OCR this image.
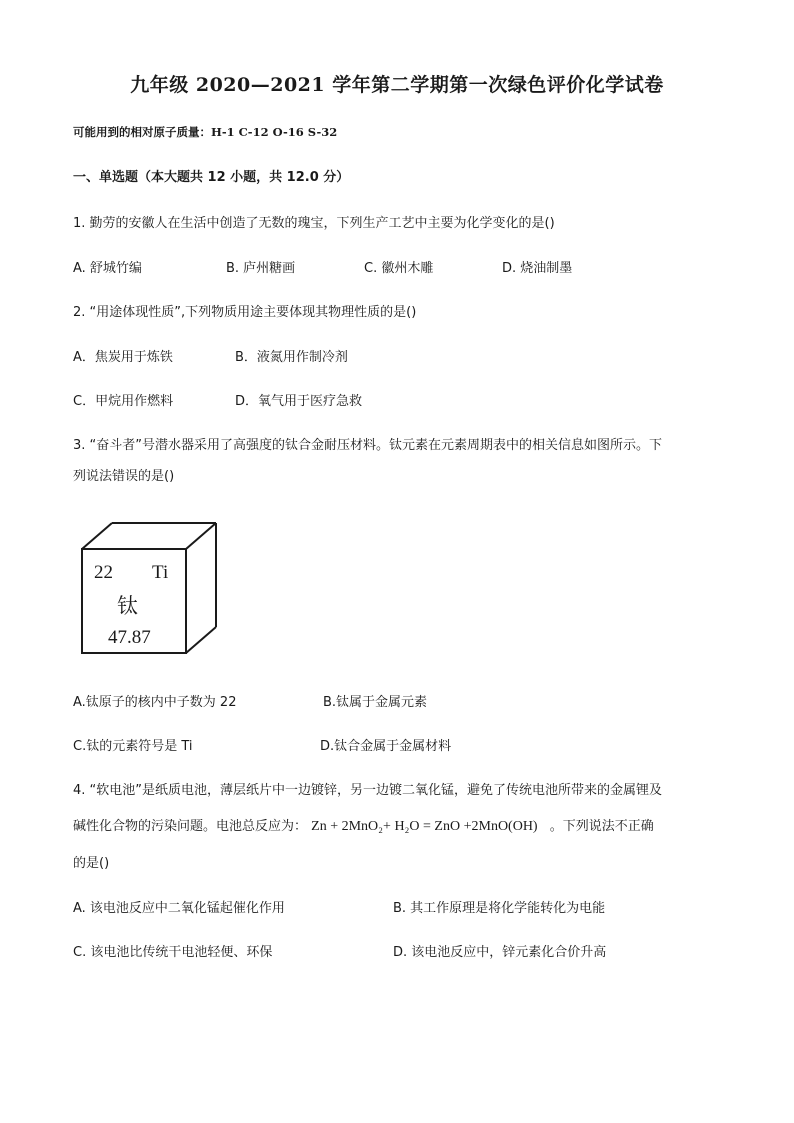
九年级 2020—2021 学年第二学期第一次绿色评价化学试卷
可能用到的相对原子质量：H-1 C-12 O-16 S-32
一、单选题（本大题共 12 小题，共 12.0 分）
1. 勤劳的安徽人在生活中创造了无数的瑰宝，下列生产工艺中主要为化学变化的是()
A. 舒城竹编	B. 庐州糖画	C. 徽州木雕	D. 烧油制墨
2. “用途体现性质”,下列物质用途主要体现其物理性质的是()
A．焦炭用于炼铁	B．液氮用作制冷剂
C．甲烷用作燃料	D．氧气用于医疗急救
3. “奋斗者”号潜水器采用了高强度的钛合金耐压材料。钛元素在元素周期表中的相关信息如图所示。下
列说法错误的是()
22 Ti
钛
47.87
A.钛原子的核内中子数为 22	B.钛属于金属元素
C.钛的元素符号是 Ti	D.钛合金属于金属材料
4. “软电池”是纸质电池，薄层纸片中一边镀锌，另一边镀二氧化锰，避免了传统电池所带来的金属锂及
碱性化合物的污染问题。电池总反应为： Zn + 2MnO₂+ H₂O = ZnO +2MnO(OH) 。下列说法不正确
的是()
A. 该电池反应中二氧化锰起催化作用	B. 其工作原理是将化学能转化为电能
C. 该电池比传统干电池轻便、环保	D. 该电池反应中，锌元素化合价升高
